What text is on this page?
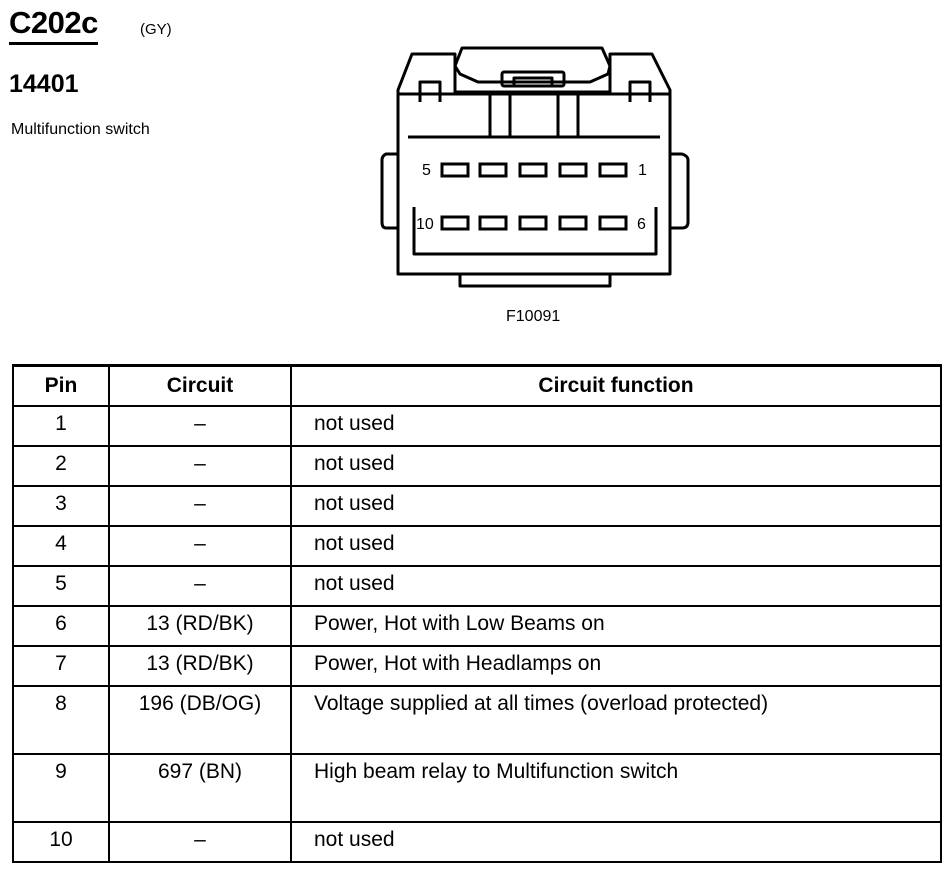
C202c	(GY)
14401
Multifunction switch
5	1
10	6
F10091
Pin	Circuit	Circuit function
1	–	not used
2	–	not used
3	–	not used
4	–	not used
5	–	not used
6	13 (RD/BK)	Power, Hot with Low Beams on
7	13 (RD/BK)	Power, Hot with Headlamps on
8	196 (DB/OG)	Voltage supplied at all times (overload protected)
9	697 (BN)	High beam relay to Multifunction switch
10	–	not used
